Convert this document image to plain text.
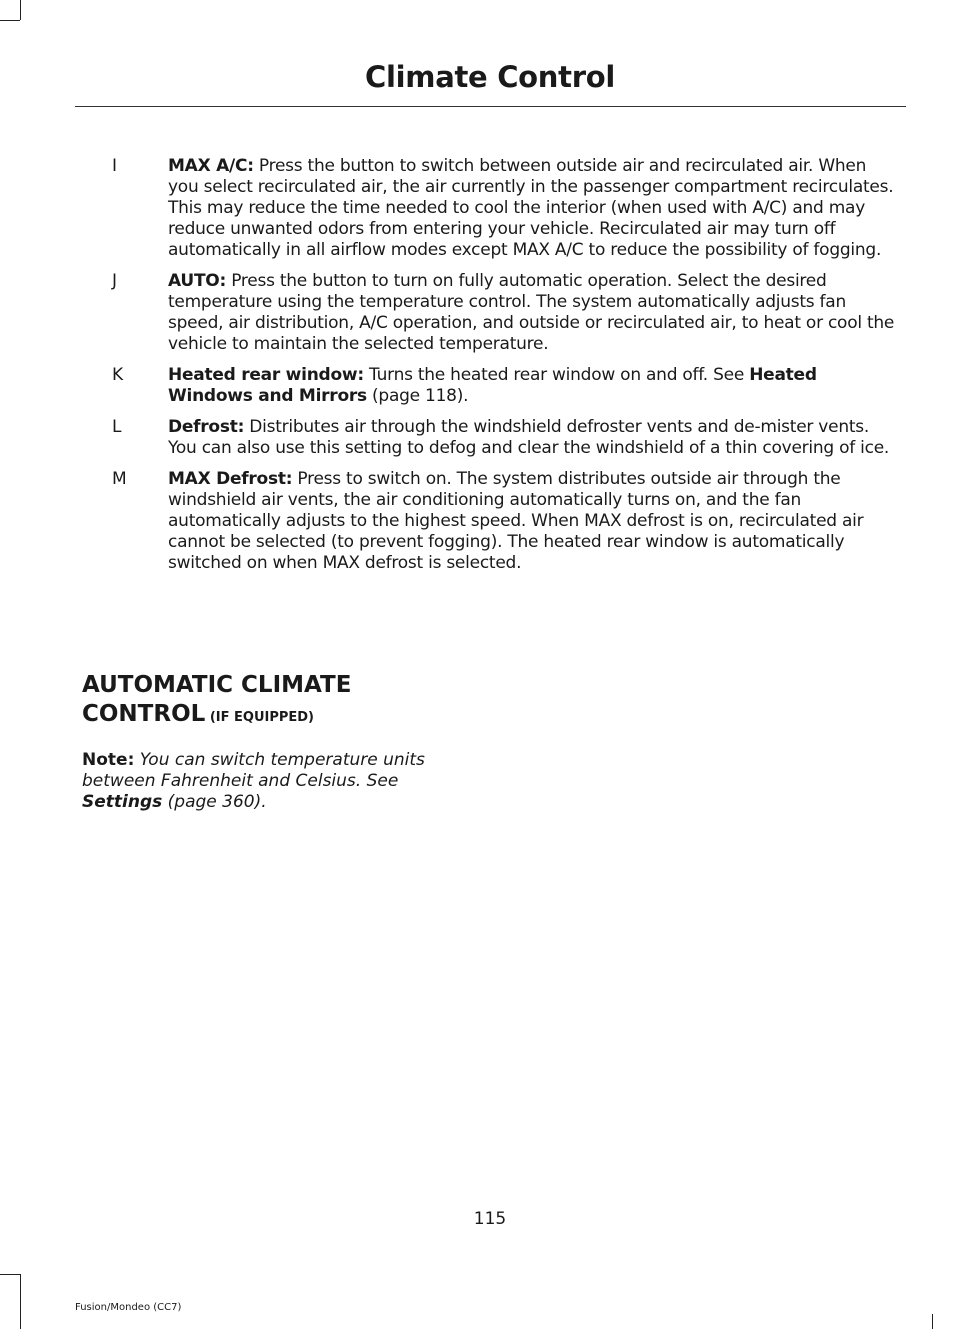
Climate Control
I	MAX A/C: Press the button to switch between outside air and recirculated air. When you select recirculated air, the air currently in the passenger compartment recirculates. This may reduce the time needed to cool the interior (when used with A/C) and may reduce unwanted odors from entering your vehicle. Recirculated air may turn off automatically in all airflow modes except MAX A/C to reduce the possibility of fogging.
J	AUTO: Press the button to turn on fully automatic operation. Select the desired temperature using the temperature control. The system automatically adjusts fan speed, air distribution, A/C operation, and outside or recirculated air, to heat or cool the vehicle to maintain the selected temperature.
K	Heated rear window: Turns the heated rear window on and off. See Heated Windows and Mirrors (page 118).
L	Defrost: Distributes air through the windshield defroster vents and de-mister vents. You can also use this setting to defog and clear the windshield of a thin covering of ice.
M	MAX Defrost: Press to switch on. The system distributes outside air through the windshield air vents, the air conditioning automatically turns on, and the fan automatically adjusts to the highest speed. When MAX defrost is on, recirculated air cannot be selected (to prevent fogging). The heated rear window is automatically switched on when MAX defrost is selected.
AUTOMATIC CLIMATE
CONTROL (IF EQUIPPED)
Note: You can switch temperature units between Fahrenheit and Celsius. See Settings (page 360).
115
Fusion/Mondeo (CC7)
